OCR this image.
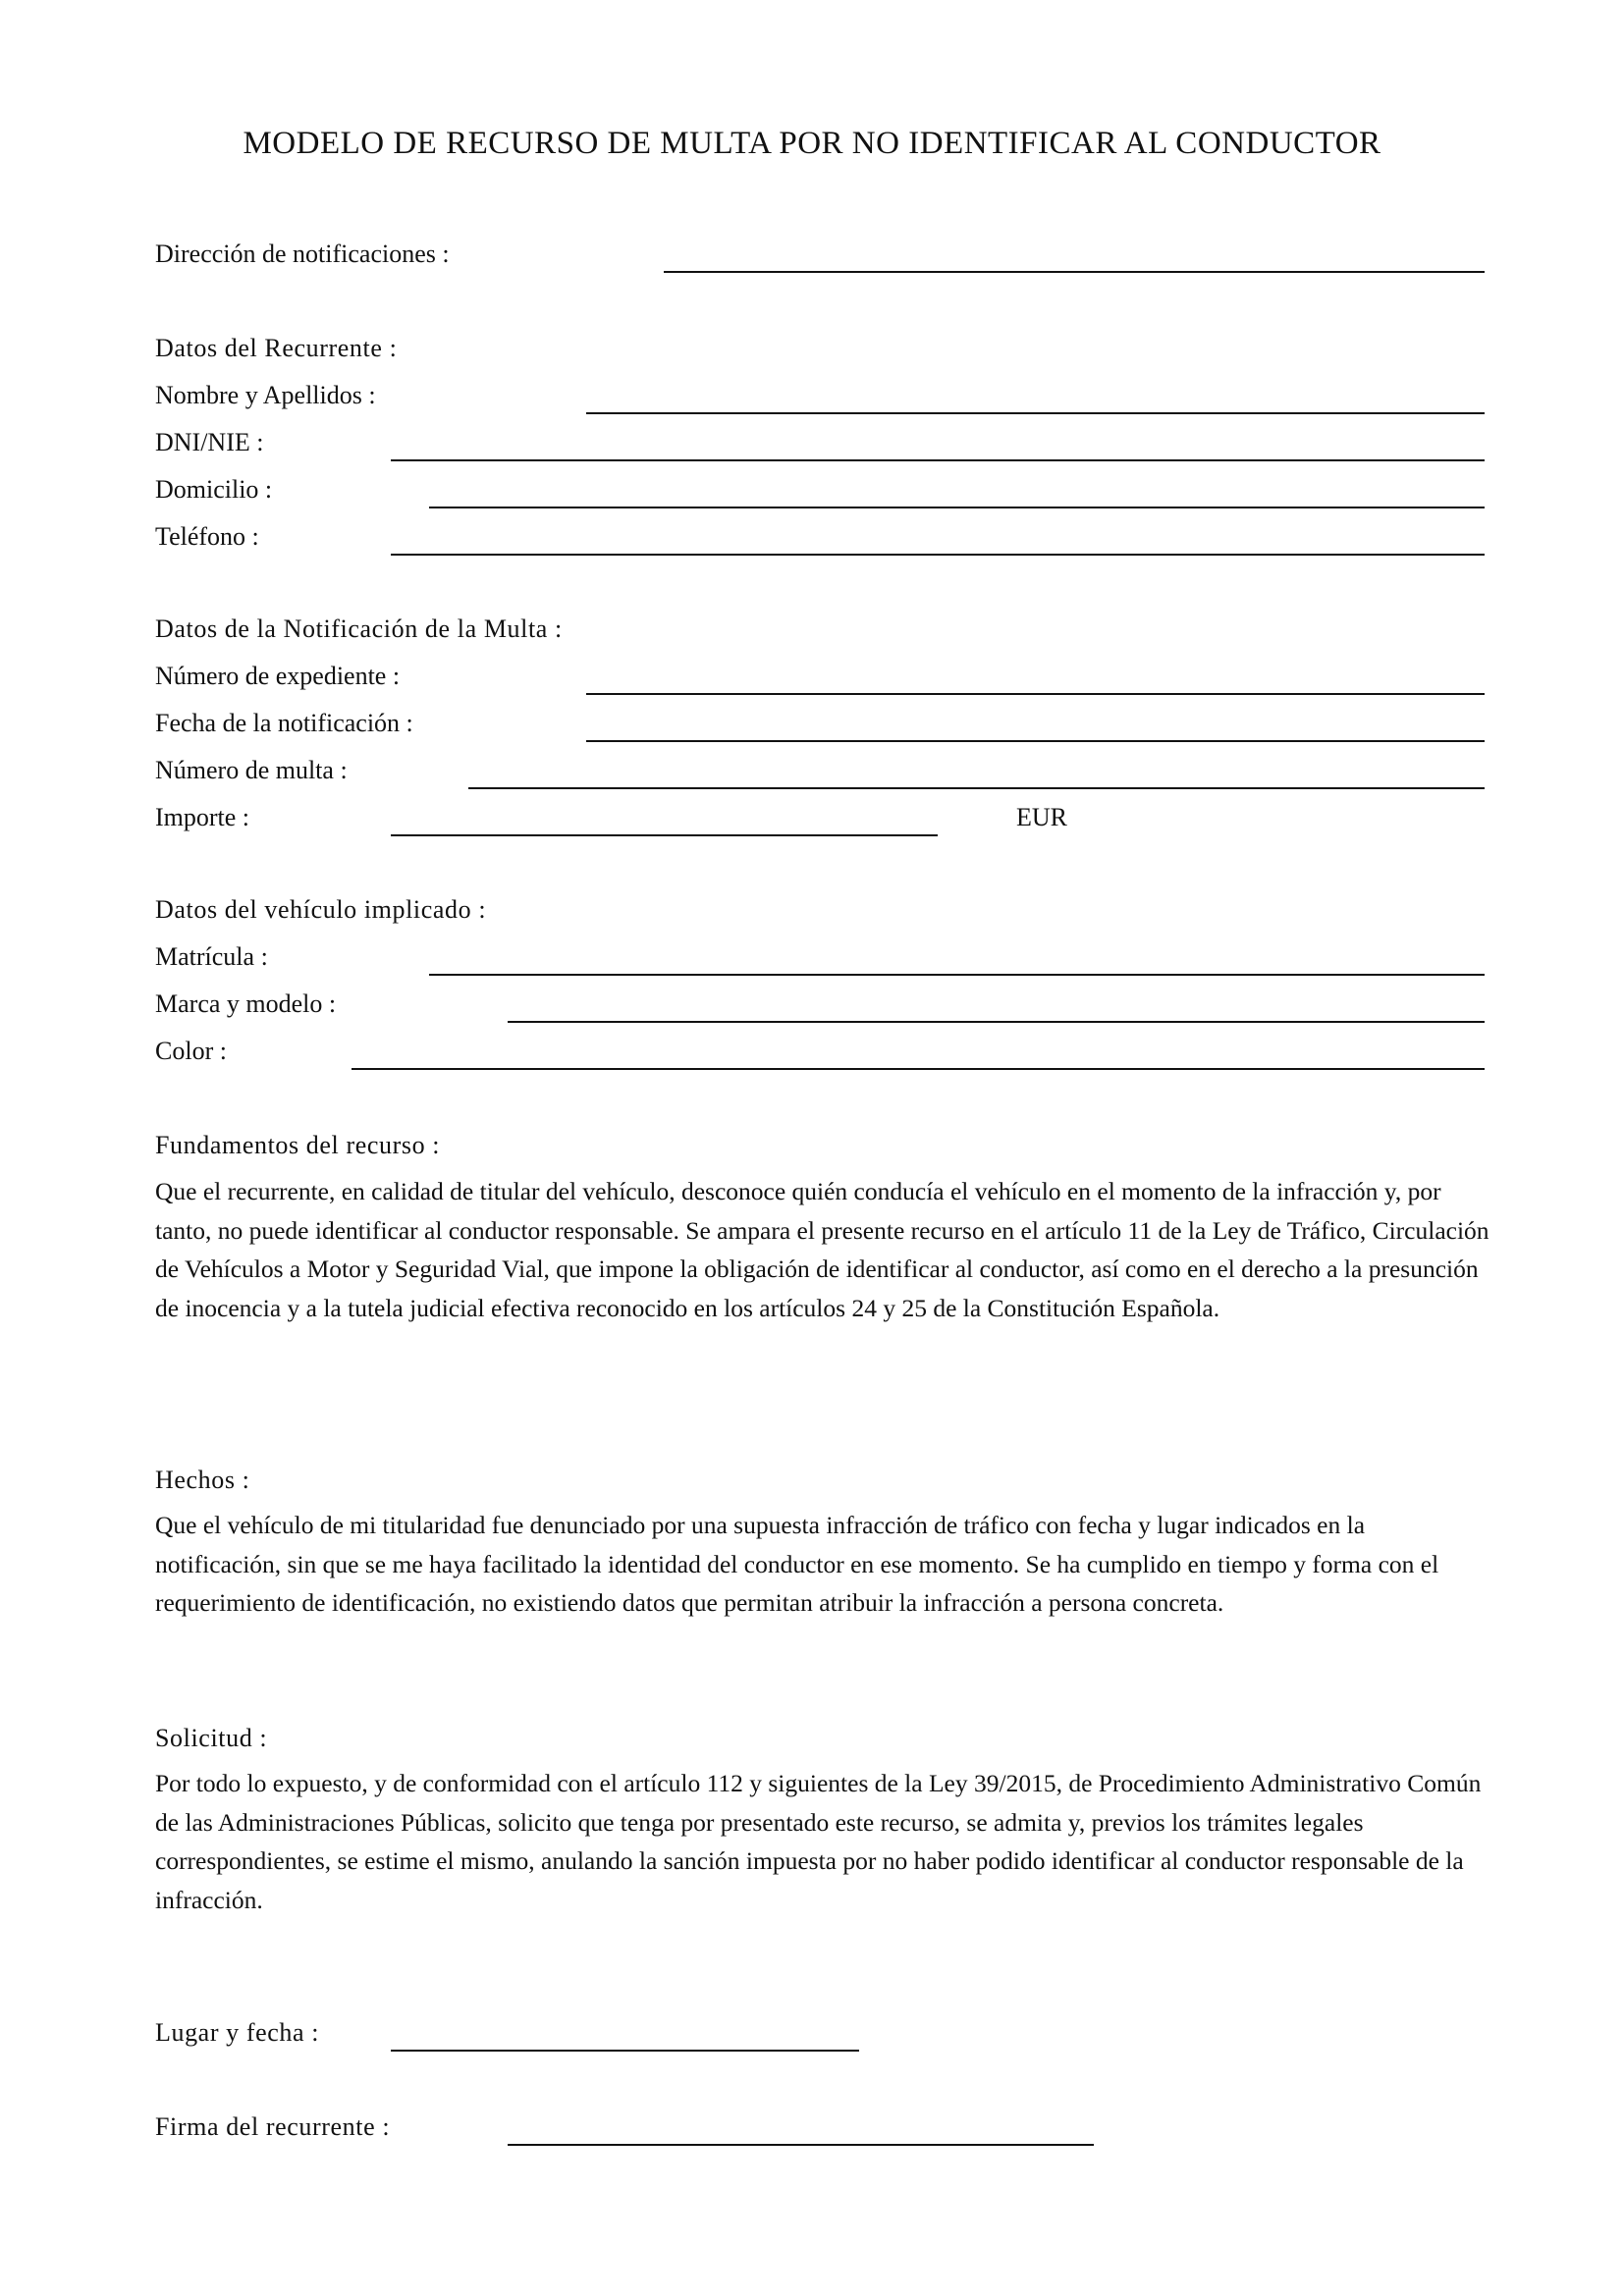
MODELO DE RECURSO DE MULTA POR NO IDENTIFICAR AL CONDUCTOR
Dirección de notificaciones :
Datos del Recurrente :
Nombre y Apellidos :
DNI/NIE :
Domicilio :
Teléfono :
Datos de la Notificación de la Multa :
Número de expediente :
Fecha de la notificación :
Número de multa :
Importe :	EUR
Datos del vehículo implicado :
Matrícula :
Marca y modelo :
Color :
Fundamentos del recurso :
Que el recurrente, en calidad de titular del vehículo, desconoce quién conducía el vehículo en el momento de la infracción y, por tanto, no puede identificar al conductor responsable. Se ampara el presente recurso en el artículo 11 de la Ley de Tráfico, Circulación de Vehículos a Motor y Seguridad Vial, que impone la obligación de identificar al conductor, así como en el derecho a la presunción de inocencia y a la tutela judicial efectiva reconocido en los artículos 24 y 25 de la Constitución Española.
Hechos :
Que el vehículo de mi titularidad fue denunciado por una supuesta infracción de tráfico con fecha y lugar indicados en la notificación, sin que se me haya facilitado la identidad del conductor en ese momento. Se ha cumplido en tiempo y forma con el requerimiento de identificación, no existiendo datos que permitan atribuir la infracción a persona concreta.
Solicitud :
Por todo lo expuesto, y de conformidad con el artículo 112 y siguientes de la Ley 39/2015, de Procedimiento Administrativo Común de las Administraciones Públicas, solicito que tenga por presentado este recurso, se admita y, previos los trámites legales correspondientes, se estime el mismo, anulando la sanción impuesta por no haber podido identificar al conductor responsable de la infracción.
Lugar y fecha :
Firma del recurrente :
